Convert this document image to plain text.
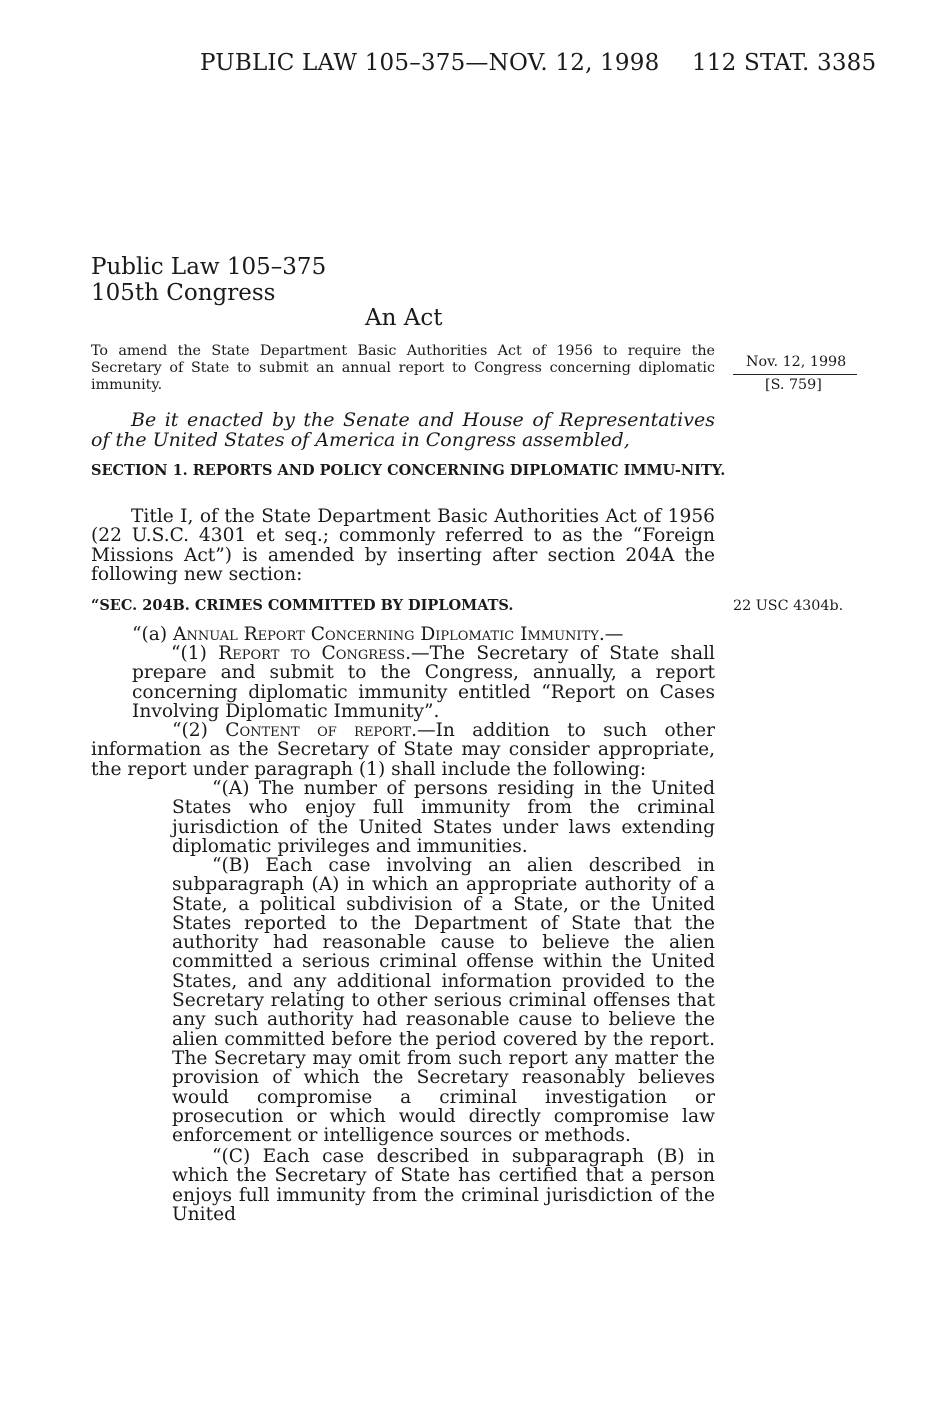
PUBLIC LAW 105–375—NOV. 12, 1998 112 STAT. 3385
Public Law 105–375
105th Congress
An Act

To amend the State Department Basic Authorities Act of 1956 to require the Secretary of State to submit an annual report to Congress concerning diplomatic immunity.

Nov. 12, 1998
[S. 759]
22 USC 4304b.

Be it enacted by the Senate and House of Representatives of the United States of America in Congress assembled,

SECTION 1. REPORTS AND POLICY CONCERNING DIPLOMATIC IMMU-NITY.

Title I, of the State Department Basic Authorities Act of 1956 (22 U.S.C. 4301 et seq.; commonly referred to as the “Foreign Missions Act”) is amended by inserting after section 204A the following new section:

“SEC. 204B. CRIMES COMMITTED BY DIPLOMATS.

“(a) Annual Report Concerning Diplomatic Immunity.—

“(1) Report to Congress.—The Secretary of State shall prepare and submit to the Congress, annually, a report concerning diplomatic immunity entitled “Report on Cases Involving Diplomatic Immunity”.

“(2) Content of report.—In addition to such other information as the Secretary of State may consider appropriate, the report under paragraph (1) shall include the following:

“(A) The number of persons residing in the United States who enjoy full immunity from the criminal jurisdiction of the United States under laws extending diplomatic privileges and immunities.

“(B) Each case involving an alien described in subparagraph (A) in which an appropriate authority of a State, a political subdivision of a State, or the United States reported to the Department of State that the authority had reasonable cause to believe the alien committed a serious criminal offense within the United States, and any additional information provided to the Secretary relating to other serious criminal offenses that any such authority had reasonable cause to believe the alien committed before the period covered by the report. The Secretary may omit from such report any matter the provision of which the Secretary reasonably believes would compromise a criminal investigation or prosecution or which would directly compromise law enforcement or intelligence sources or methods.

“(C) Each case described in subparagraph (B) in which the Secretary of State has certified that a person enjoys full immunity from the criminal jurisdiction of the United
